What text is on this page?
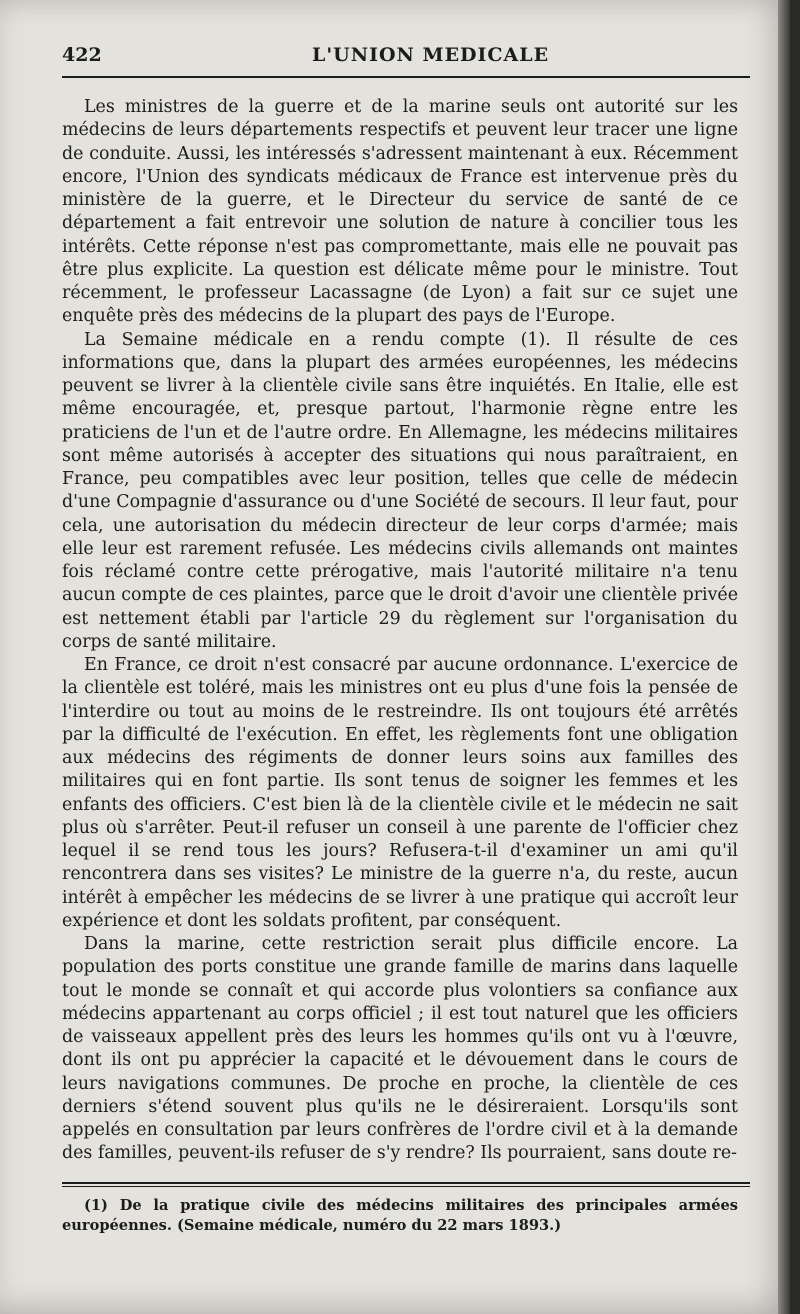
422	L'UNION MEDICALE

Les ministres de la guerre et de la marine seuls ont autorité sur les médecins de leurs départements respectifs et peuvent leur tracer une ligne de conduite. Aussi, les intéressés s'adressent maintenant à eux. Récemment encore, l'Union des syndicats médicaux de France est intervenue près du ministère de la guerre, et le Directeur du service de santé de ce département a fait entrevoir une solution de nature à concilier tous les intérêts. Cette réponse n'est pas compromettante, mais elle ne pouvait pas être plus explicite. La question est délicate même pour le ministre. Tout récemment, le professeur Lacassagne (de Lyon) a fait sur ce sujet une enquête près des médecins de la plupart des pays de l'Europe.

La Semaine médicale en a rendu compte (1). Il résulte de ces informations que, dans la plupart des armées européennes, les médecins peuvent se livrer à la clientèle civile sans être inquiétés. En Italie, elle est même encouragée, et, presque partout, l'harmonie règne entre les praticiens de l'un et de l'autre ordre. En Allemagne, les médecins militaires sont même autorisés à accepter des situations qui nous paraîtraient, en France, peu compatibles avec leur position, telles que celle de médecin d'une Compagnie d'assurance ou d'une Société de secours. Il leur faut, pour cela, une autorisation du médecin directeur de leur corps d'armée; mais elle leur est rarement refusée. Les médecins civils allemands ont maintes fois réclamé contre cette prérogative, mais l'autorité militaire n'a tenu aucun compte de ces plaintes, parce que le droit d'avoir une clientèle privée est nettement établi par l'article 29 du règlement sur l'organisation du corps de santé militaire.

En France, ce droit n'est consacré par aucune ordonnance. L'exercice de la clientèle est toléré, mais les ministres ont eu plus d'une fois la pensée de l'interdire ou tout au moins de le restreindre. Ils ont toujours été arrêtés par la difficulté de l'exécution. En effet, les règlements font une obligation aux médecins des régiments de donner leurs soins aux familles des militaires qui en font partie. Ils sont tenus de soigner les femmes et les enfants des officiers. C'est bien là de la clientèle civile et le médecin ne sait plus où s'arrêter. Peut-il refuser un conseil à une parente de l'officier chez lequel il se rend tous les jours? Refusera-t-il d'examiner un ami qu'il rencontrera dans ses visites? Le ministre de la guerre n'a, du reste, aucun intérêt à empêcher les médecins de se livrer à une pratique qui accroît leur expérience et dont les soldats profitent, par conséquent.

Dans la marine, cette restriction serait plus difficile encore. La population des ports constitue une grande famille de marins dans laquelle tout le monde se connaît et qui accorde plus volontiers sa confiance aux médecins appartenant au corps officiel ; il est tout naturel que les officiers de vaisseaux appellent près des leurs les hommes qu'ils ont vu à l'œuvre, dont ils ont pu apprécier la capacité et le dévouement dans le cours de leurs navigations communes. De proche en proche, la clientèle de ces derniers s'étend souvent plus qu'ils ne le désireraient. Lorsqu'ils sont appelés en consultation par leurs confrères de l'ordre civil et à la demande des familles, peuvent-ils refuser de s'y rendre? Ils pourraient, sans doute re-

(1) De la pratique civile des médecins militaires des principales armées européennes. (Semaine médicale, numéro du 22 mars 1893.)
